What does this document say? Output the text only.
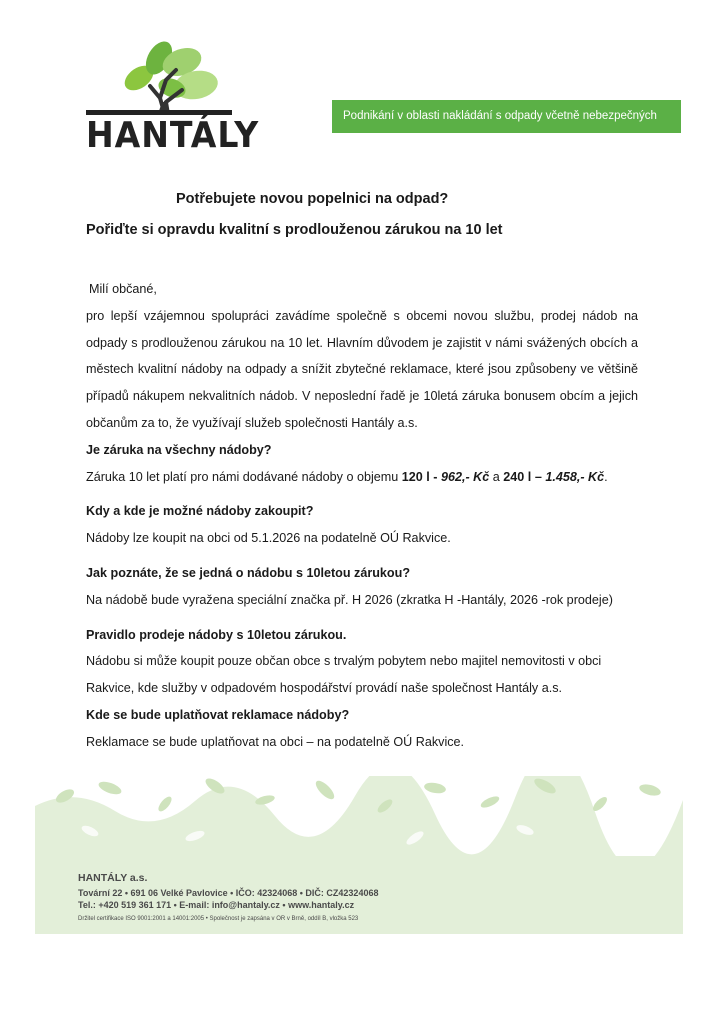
HANTÁLY	Podnikání v oblasti nakládání s odpady včetně nebezpečných
Potřebujete novou popelnici na odpad?
Pořiďte si opravdu kvalitní s prodlouženou zárukou na 10 let

Milí občané,

pro lepší vzájemnou spolupráci zavádíme společně s obcemi novou službu, prodej nádob na odpady s prodlouženou zárukou na 10 let. Hlavním důvodem je zajistit v námi svážených obcích a městech kvalitní nádoby na odpady a snížit zbytečné reklamace, které jsou způsobeny ve většině případů nákupem nekvalitních nádob. V neposlední řadě je 10letá záruka bonusem obcím a jejich občanům za to, že využívají služeb společnosti Hantály a.s.

Je záruka na všechny nádoby?

Záruka 10 let platí pro námi dodávané nádoby o objemu 120 l - 962,- Kč a 240 l – 1.458,- Kč.

Kdy a kde je možné nádoby zakoupit?

Nádoby lze koupit na obci od 5.1.2026 na podatelně OÚ Rakvice.

Jak poznáte, že se jedná o nádobu s 10letou zárukou?

Na nádobě bude vyražena speciální značka př. H 2026 (zkratka H -Hantály, 2026 -rok prodeje)

Pravidlo prodeje nádoby s 10letou zárukou.

Nádobu si může koupit pouze občan obce s trvalým pobytem nebo majitel nemovitosti v obci Rakvice, kde služby v odpadovém hospodářství provádí naše společnost Hantály a.s.

Kde se bude uplatňovat reklamace nádoby?

Reklamace se bude uplatňovat na obci – na podatelně OÚ Rakvice.

HANTÁLY a.s.
Tovární 22 • 691 06 Velké Pavlovice • IČO: 42324068 • DIČ: CZ42324068
Tel.: +420 519 361 171 • E-mail: info@hantaly.cz • www.hantaly.cz
Držitel certifikace ISO 9001:2001 a 14001:2005 • Společnost je zapsána v OR v Brně, oddíl B, vložka 523
